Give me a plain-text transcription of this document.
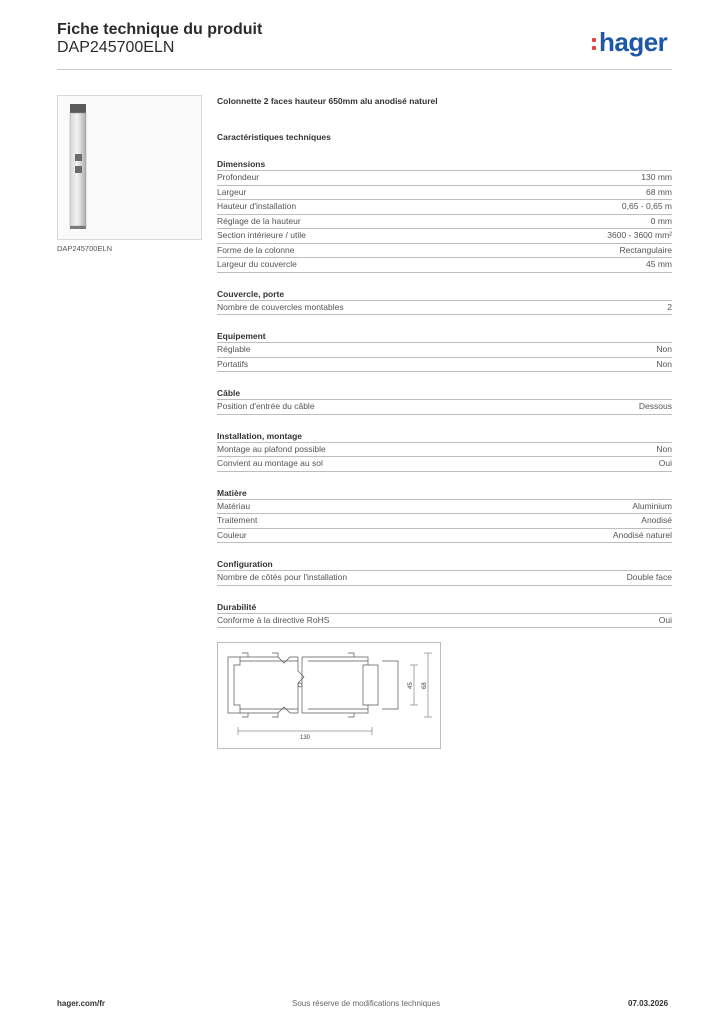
Fiche technique du produit
DAP245700ELN	hager
DAP245700ELN
Colonnette 2 faces hauteur 650mm alu anodisé naturel
Caractéristiques techniques
Dimensions
Profondeur	130 mm
Largeur	68 mm
Hauteur d'installation	0,65 - 0,65 m
Réglage de la hauteur	0 mm
Section intérieure / utile	3600 - 3600 mm²
Forme de la colonne	Rectangulaire
Largeur du couvercle	45 mm
Couvercle, porte
Nombre de couvercles montables	2
Equipement
Réglable	Non
Portatifs	Non
Câble
Position d'entrée du câble	Dessous
Installation, montage
Montage au plafond possible	Non
Convient au montage au sol	Oui
Matière
Matériau	Aluminium
Traitement	Anodisé
Couleur	Anodisé naturel
Configuration
Nombre de côtés pour l'installation	Double face
Durabilité
Conforme à la directive RoHS	Oui
130
45 68
hager.com/fr	Sous réserve de modifications techniques	07.03.2026
